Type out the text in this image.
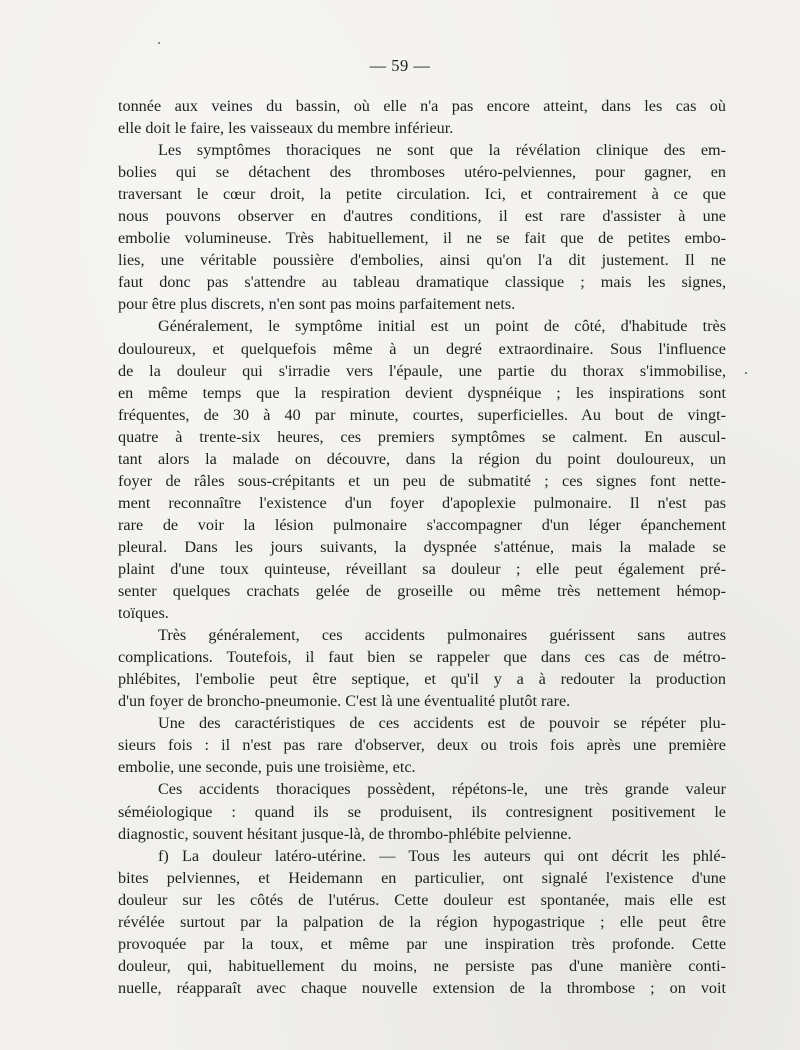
— 59 —
tonnée aux veines du bassin, où elle n'a pas encore atteint, dans les cas où
elle doit le faire, les vaisseaux du membre inférieur.
Les symptômes thoraciques ne sont que la révélation clinique des em-
bolies qui se détachent des thromboses utéro-pelviennes, pour gagner, en
traversant le cœur droit, la petite circulation. Ici, et contrairement à ce que
nous pouvons observer en d'autres conditions, il est rare d'assister à une
embolie volumineuse. Très habituellement, il ne se fait que de petites embo-
lies, une véritable poussière d'embolies, ainsi qu'on l'a dit justement. Il ne
faut donc pas s'attendre au tableau dramatique classique ; mais les signes,
pour être plus discrets, n'en sont pas moins parfaitement nets.
Généralement, le symptôme initial est un point de côté, d'habitude très
douloureux, et quelquefois même à un degré extraordinaire. Sous l'influence
de la douleur qui s'irradie vers l'épaule, une partie du thorax s'immobilise,
en même temps que la respiration devient dyspnéique ; les inspirations sont
fréquentes, de 30 à 40 par minute, courtes, superficielles. Au bout de vingt-
quatre à trente-six heures, ces premiers symptômes se calment. En auscul-
tant alors la malade on découvre, dans la région du point douloureux, un
foyer de râles sous-crépitants et un peu de submatité ; ces signes font nette-
ment reconnaître l'existence d'un foyer d'apoplexie pulmonaire. Il n'est pas
rare de voir la lésion pulmonaire s'accompagner d'un léger épanchement
pleural. Dans les jours suivants, la dyspnée s'atténue, mais la malade se
plaint d'une toux quinteuse, réveillant sa douleur ; elle peut également pré-
senter quelques crachats gelée de groseille ou même très nettement hémop-
toïques.
Très généralement, ces accidents pulmonaires guérissent sans autres
complications. Toutefois, il faut bien se rappeler que dans ces cas de métro-
phlébites, l'embolie peut être septique, et qu'il y a à redouter la production
d'un foyer de broncho-pneumonie. C'est là une éventualité plutôt rare.
Une des caractéristiques de ces accidents est de pouvoir se répéter plu-
sieurs fois : il n'est pas rare d'observer, deux ou trois fois après une première
embolie, une seconde, puis une troisième, etc.
Ces accidents thoraciques possèdent, répétons-le, une très grande valeur
séméiologique : quand ils se produisent, ils contresignent positivement le
diagnostic, souvent hésitant jusque-là, de thrombo-phlébite pelvienne.
f) La douleur latéro-utérine. — Tous les auteurs qui ont décrit les phlé-
bites pelviennes, et Heidemann en particulier, ont signalé l'existence d'une
douleur sur les côtés de l'utérus. Cette douleur est spontanée, mais elle est
révélée surtout par la palpation de la région hypogastrique ; elle peut être
provoquée par la toux, et même par une inspiration très profonde. Cette
douleur, qui, habituellement du moins, ne persiste pas d'une manière conti-
nuelle, réapparaît avec chaque nouvelle extension de la thrombose ; on voit
